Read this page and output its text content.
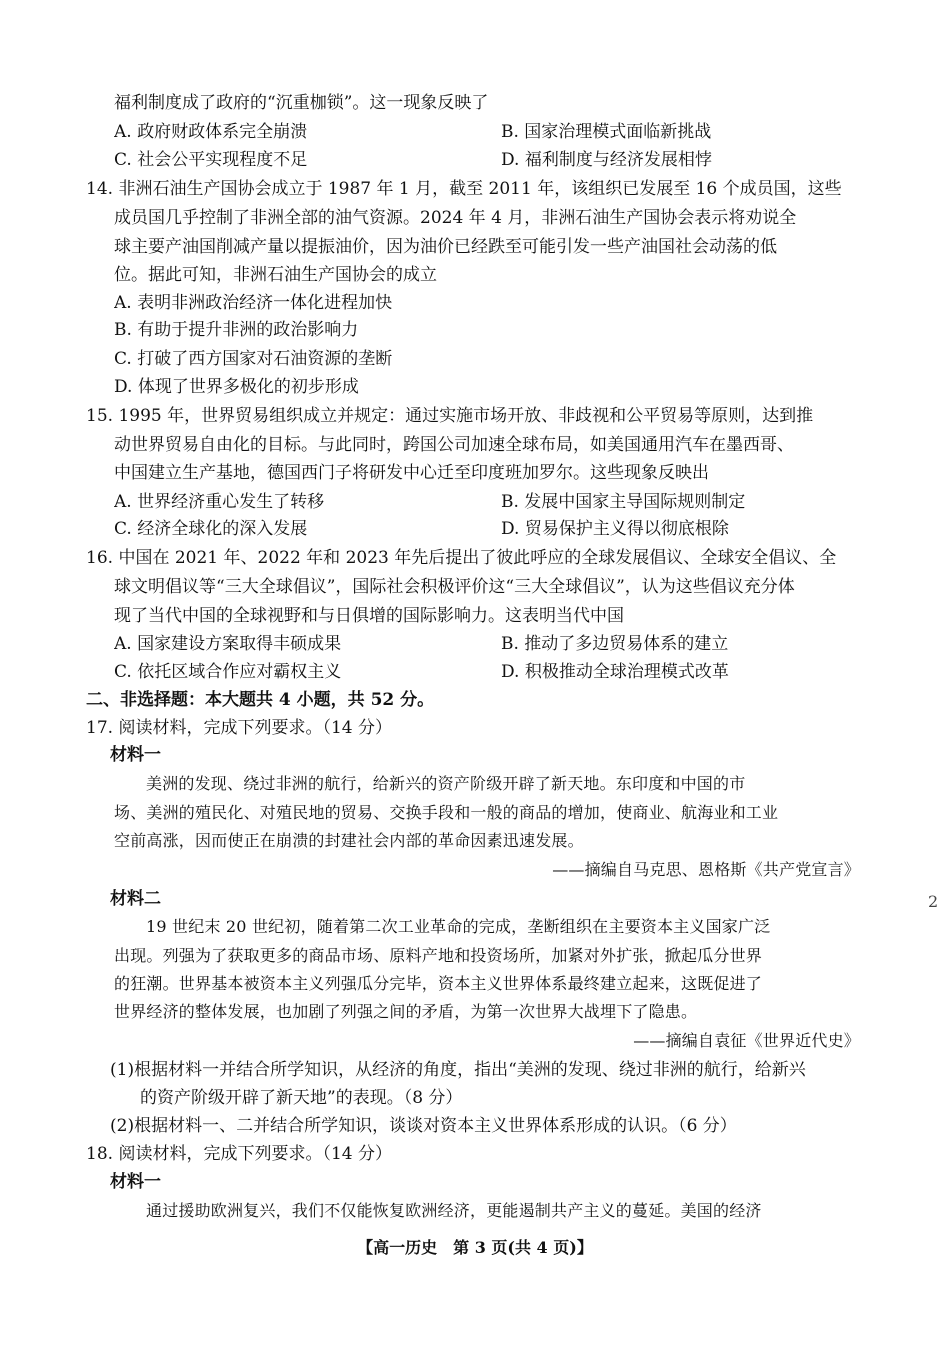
福利制度成了政府的“沉重枷锁”。这一现象反映了
A. 政府财政体系完全崩溃	B. 国家治理模式面临新挑战
C. 社会公平实现程度不足	D. 福利制度与经济发展相悖
14. 非洲石油生产国协会成立于 1987 年 1 月，截至 2011 年，该组织已发展至 16 个成员国，这些
成员国几乎控制了非洲全部的油气资源。2024 年 4 月，非洲石油生产国协会表示将劝说全
球主要产油国削减产量以提振油价，因为油价已经跌至可能引发一些产油国社会动荡的低
位。据此可知，非洲石油生产国协会的成立
A. 表明非洲政治经济一体化进程加快
B. 有助于提升非洲的政治影响力
C. 打破了西方国家对石油资源的垄断
D. 体现了世界多极化的初步形成
15. 1995 年，世界贸易组织成立并规定：通过实施市场开放、非歧视和公平贸易等原则，达到推
动世界贸易自由化的目标。与此同时，跨国公司加速全球布局，如美国通用汽车在墨西哥、
中国建立生产基地，德国西门子将研发中心迁至印度班加罗尔。这些现象反映出
A. 世界经济重心发生了转移	B. 发展中国家主导国际规则制定
C. 经济全球化的深入发展	D. 贸易保护主义得以彻底根除
16. 中国在 2021 年、2022 年和 2023 年先后提出了彼此呼应的全球发展倡议、全球安全倡议、全
球文明倡议等“三大全球倡议”，国际社会积极评价这“三大全球倡议”，认为这些倡议充分体
现了当代中国的全球视野和与日俱增的国际影响力。这表明当代中国
A. 国家建设方案取得丰硕成果	B. 推动了多边贸易体系的建立
C. 依托区域合作应对霸权主义	D. 积极推动全球治理模式改革
二、非选择题：本大题共 4 小题，共 52 分。
17. 阅读材料，完成下列要求。（14 分）
材料一
美洲的发现、绕过非洲的航行，给新兴的资产阶级开辟了新天地。东印度和中国的市
场、美洲的殖民化、对殖民地的贸易、交换手段和一般的商品的增加，使商业、航海业和工业
空前高涨，因而使正在崩溃的封建社会内部的革命因素迅速发展。
——摘编自马克思、恩格斯《共产党宣言》
材料二
19 世纪末 20 世纪初，随着第二次工业革命的完成，垄断组织在主要资本主义国家广泛
出现。列强为了获取更多的商品市场、原料产地和投资场所，加紧对外扩张，掀起瓜分世界
的狂潮。世界基本被资本主义列强瓜分完毕，资本主义世界体系最终建立起来，这既促进了
世界经济的整体发展，也加剧了列强之间的矛盾，为第一次世界大战埋下了隐患。
——摘编自袁征《世界近代史》
(1)根据材料一并结合所学知识，从经济的角度，指出“美洲的发现、绕过非洲的航行，给新兴
的资产阶级开辟了新天地”的表现。（8 分）
(2)根据材料一、二并结合所学知识，谈谈对资本主义世界体系形成的认识。（6 分）
18. 阅读材料，完成下列要求。（14 分）
材料一
通过援助欧洲复兴，我们不仅能恢复欧洲经济，更能遏制共产主义的蔓延。美国的经济
2
【高一历史　第 3 页(共 4 页)】
